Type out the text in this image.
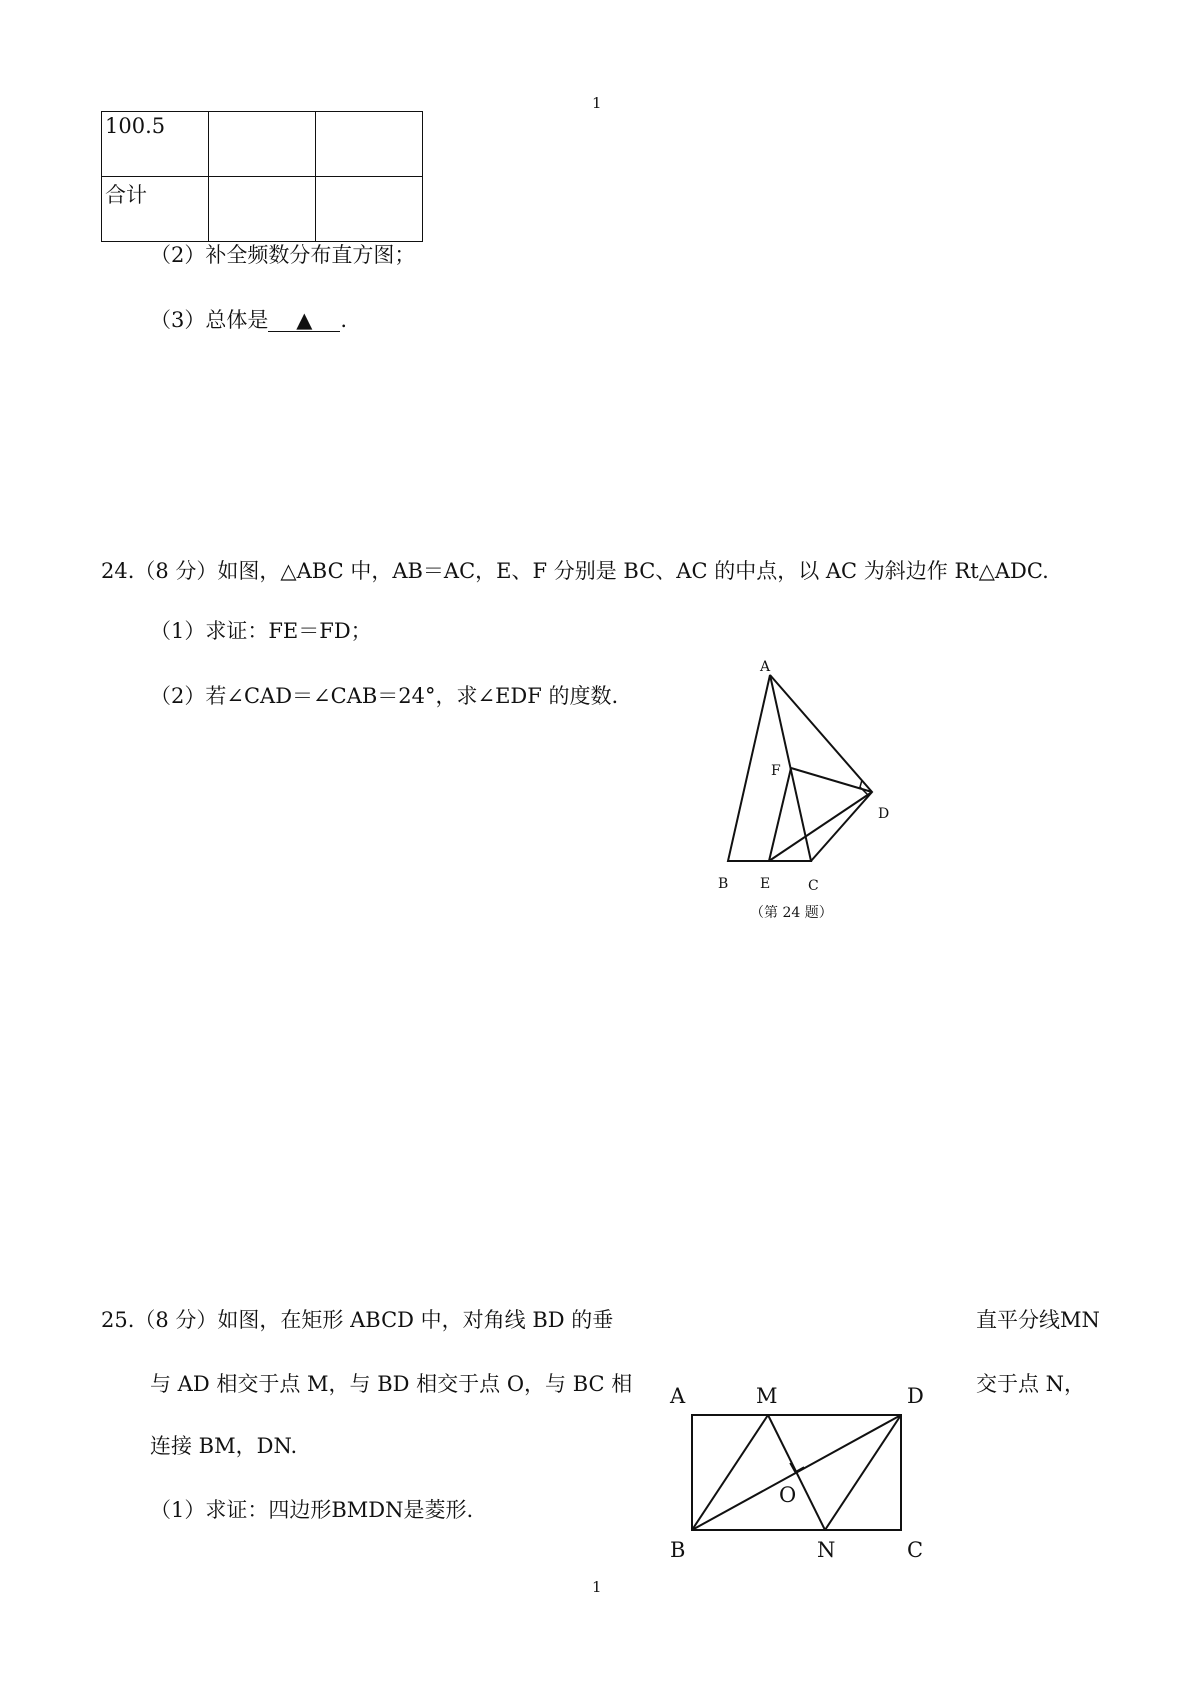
1
1
100.5		
合计		
（2）补全频数分布直方图；
（3）总体是 ▲ .
24.（8 分）如图，△ABC 中，AB＝AC，E、F 分别是 BC、AC 的中点，以 AC 为斜边作 Rt△ADC.
（1）求证：FE＝FD；
（2）若∠CAD＝∠CAB＝24°，求∠EDF 的度数.
A
F
D
B E	C
（第 24 题）
25.（8 分）如图，在矩形 ABCD 中，对角线 BD 的垂	直平分线MN
与 AD 相交于点 M，与 BD 相交于点 O，与 BC 相	交于点 N，
连接 BM，DN.
（1）求证：四边形BMDN是菱形.
A	M	D
O
B	N	C
